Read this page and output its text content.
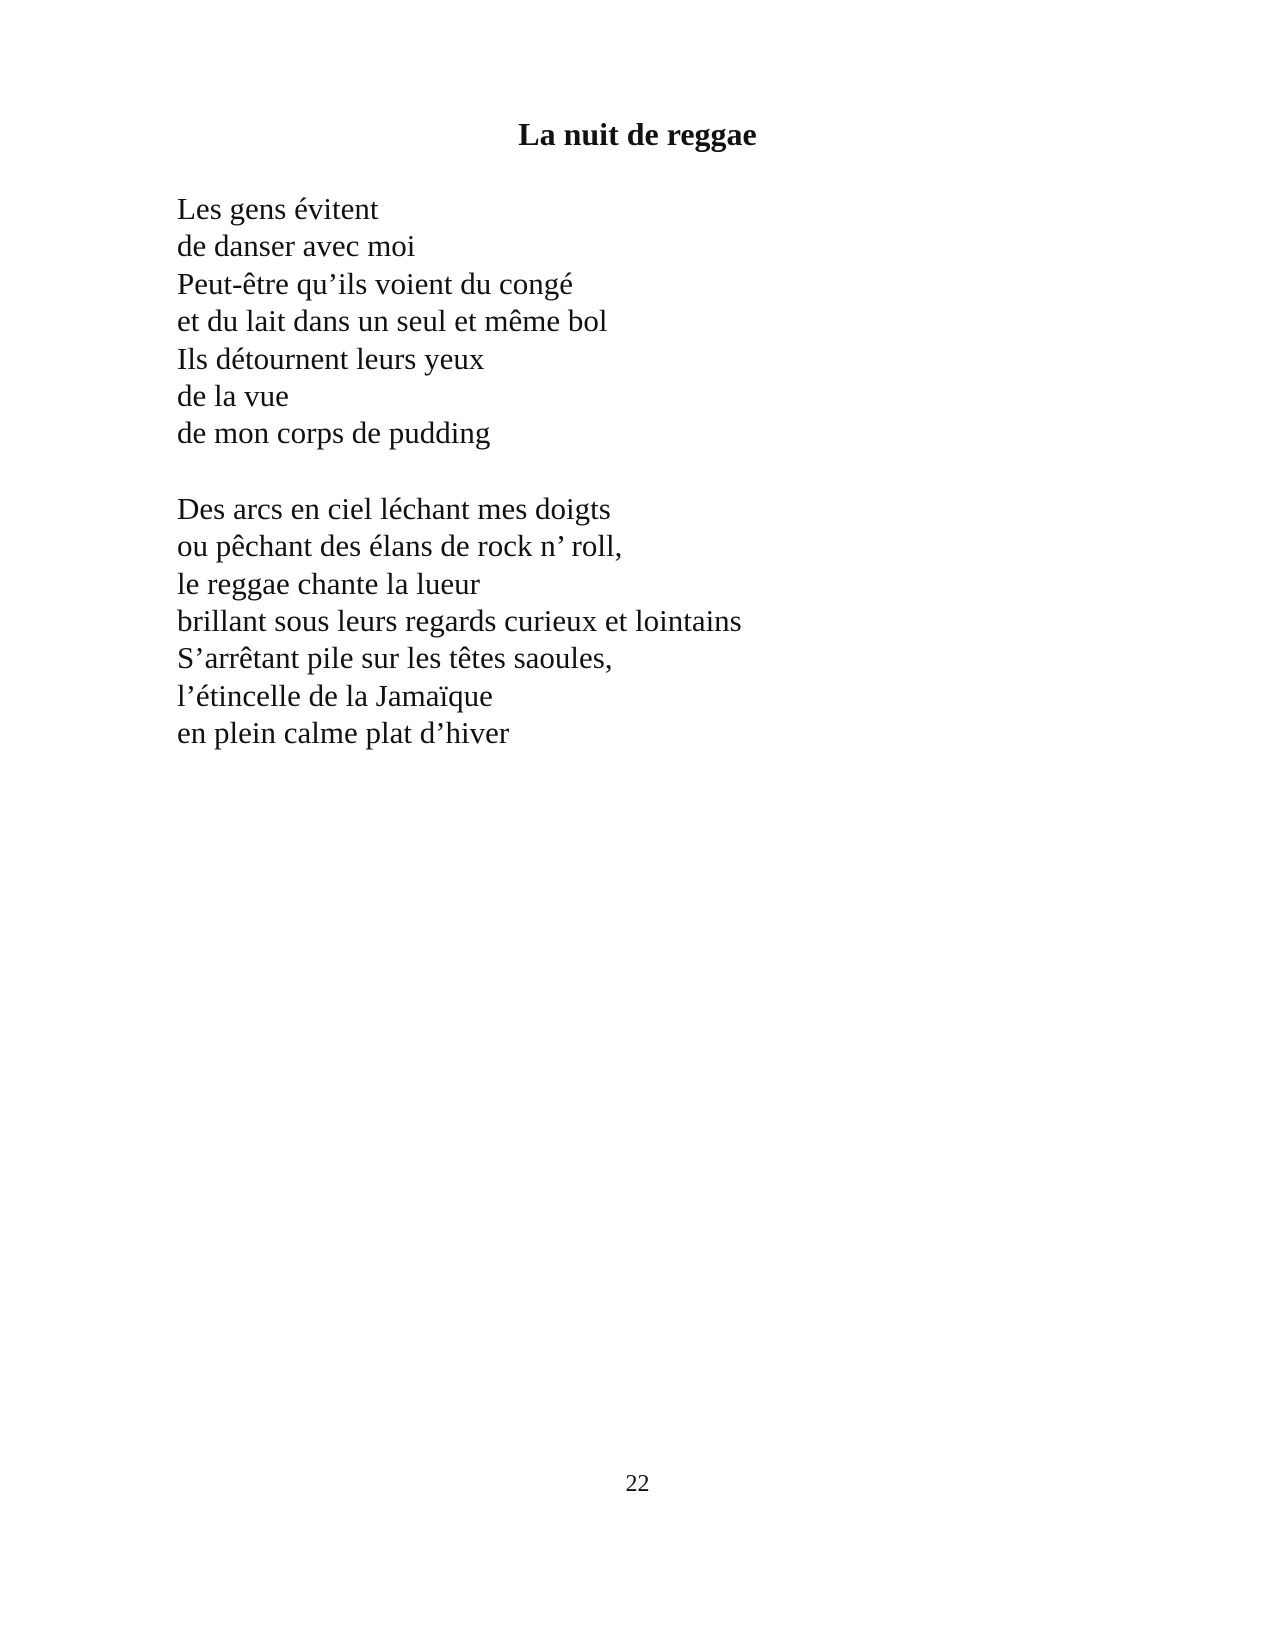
La nuit de reggae
Les gens évitent
de danser avec moi
Peut-être qu’ils voient du congé
et du lait dans un seul et même bol
Ils détournent leurs yeux
de la vue
de mon corps de pudding
Des arcs en ciel léchant mes doigts
ou pêchant des élans de rock n’ roll,
le reggae chante la lueur
brillant sous leurs regards curieux et lointains
S’arrêtant pile sur les têtes saoules,
l’étincelle de la Jamaïque
en plein calme plat d’hiver
22
